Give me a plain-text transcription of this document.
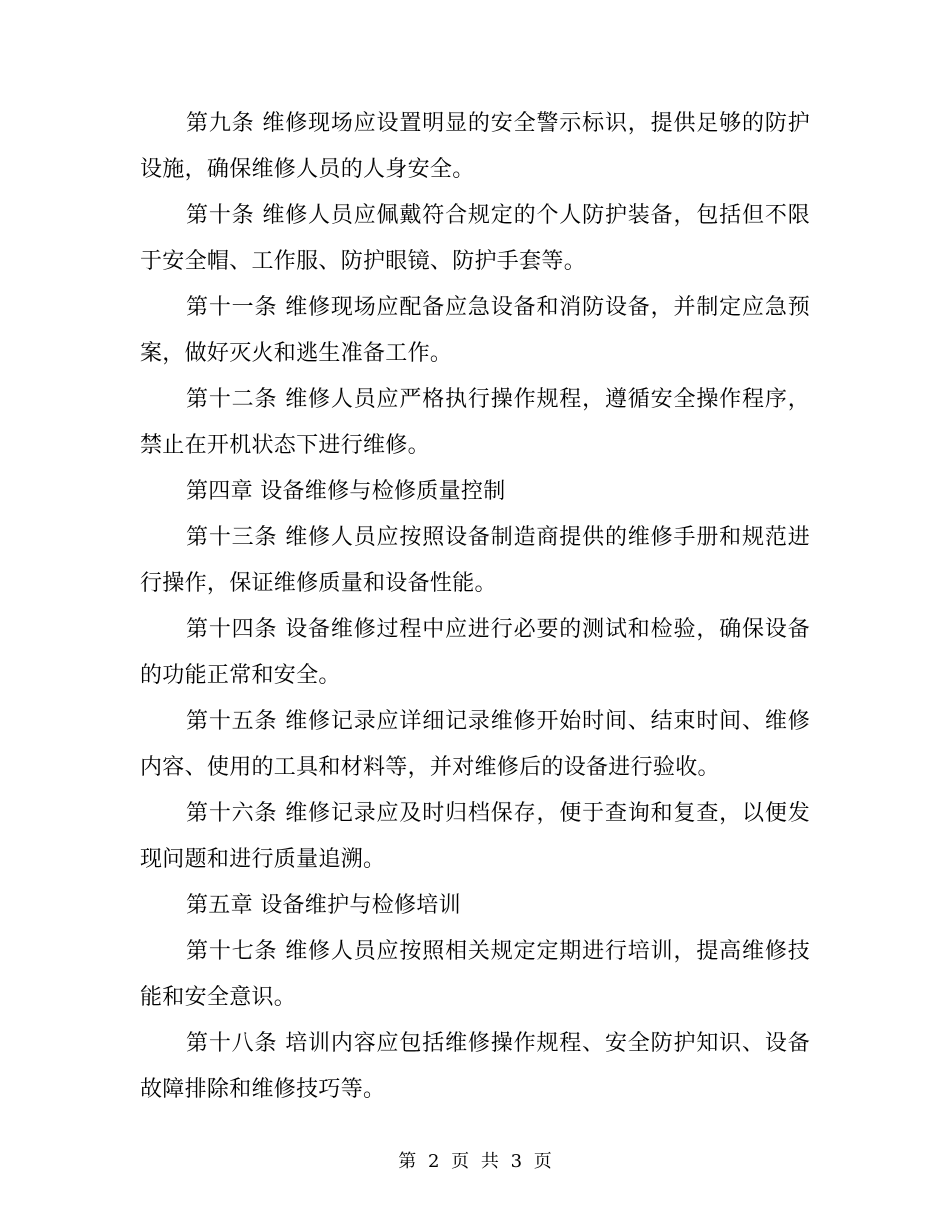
第九条 维修现场应设置明显的安全警示标识，提供足够的防护设施，确保维修人员的人身安全。

第十条 维修人员应佩戴符合规定的个人防护装备，包括但不限于安全帽、工作服、防护眼镜、防护手套等。

第十一条 维修现场应配备应急设备和消防设备，并制定应急预案，做好灭火和逃生准备工作。

第十二条 维修人员应严格执行操作规程，遵循安全操作程序，禁止在开机状态下进行维修。

第四章 设备维修与检修质量控制

第十三条 维修人员应按照设备制造商提供的维修手册和规范进行操作，保证维修质量和设备性能。

第十四条 设备维修过程中应进行必要的测试和检验，确保设备的功能正常和安全。

第十五条 维修记录应详细记录维修开始时间、结束时间、维修内容、使用的工具和材料等，并对维修后的设备进行验收。

第十六条 维修记录应及时归档保存，便于查询和复查，以便发现问题和进行质量追溯。

第五章 设备维护与检修培训

第十七条 维修人员应按照相关规定定期进行培训，提高维修技能和安全意识。

第十八条 培训内容应包括维修操作规程、安全防护知识、设备故障排除和维修技巧等。

第 2 页 共 3 页
